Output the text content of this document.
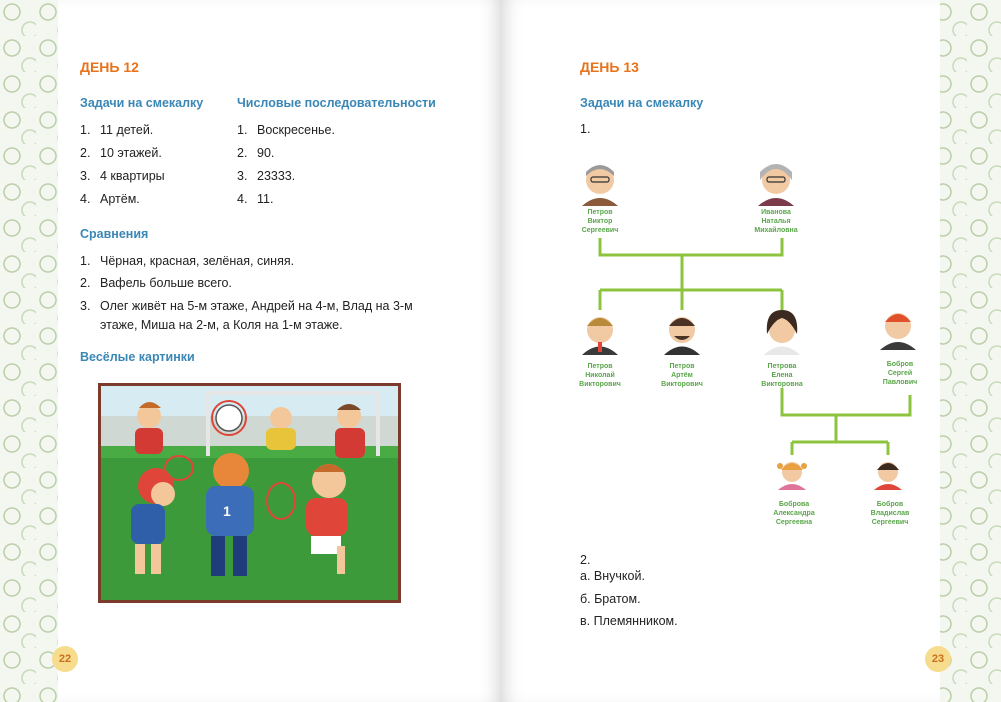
ДЕНЬ 12
Задачи на смекалку
1. 11 детей.
2. 10 этажей.
3. 4 квартиры
4. Артём.
Числовые последовательности
1. Воскресенье.
2. 90.
3. 23333.
4. 11.
Сравнения
1. Чёрная, красная, зелёная, синяя.
2. Вафель больше всего.
3. Олег живёт на 5-м этаже, Андрей на 4-м, Влад на 3-м этаже, Миша на 2-м, а Коля на 1-м этаже.
Весёлые картинки
1
22
ДЕНЬ 13
Задачи на смекалку
1.
Петров Виктор Сергеевич
Иванова Наталья Михайловна
Петров Николай Викторович
Петров Артём Викторович
Петрова Елена Викторовна
Бобров Сергей Павлович
Боброва Александра Сергеевна
Бобров Владислав Сергеевич
2.
а. Внучкой.
б. Братом.
в. Племянником.
23
